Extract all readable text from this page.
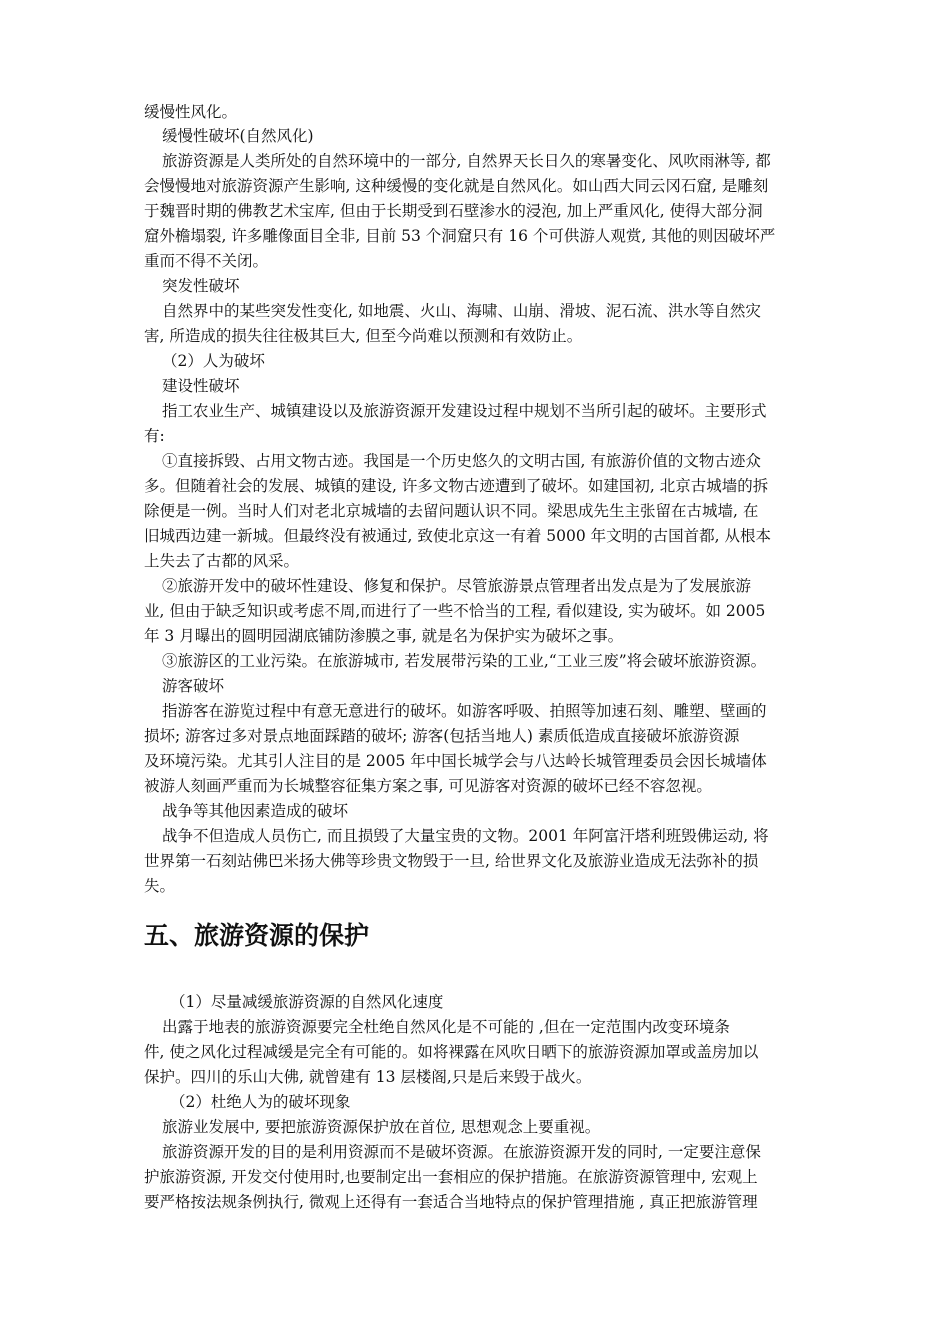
缓慢性风化。
缓慢性破坏(自然风化)
旅游资源是人类所处的自然环境中的一部分, 自然界天长日久的寒暑变化、风吹雨淋等, 都
会慢慢地对旅游资源产生影响, 这种缓慢的变化就是自然风化。如山西大同云冈石窟, 是雕刻
于魏晋时期的佛教艺术宝库, 但由于长期受到石壁渗水的浸泡, 加上严重风化, 使得大部分洞
窟外檐塌裂, 许多雕像面目全非, 目前 53 个洞窟只有 16 个可供游人观赏, 其他的则因破坏严
重而不得不关闭。
突发性破坏
自然界中的某些突发性变化, 如地震、火山、海啸、山崩、滑坡、泥石流、洪水等自然灾
害, 所造成的损失往往极其巨大, 但至今尚难以预测和有效防止。
（2）人为破坏
建设性破坏
指工农业生产、城镇建设以及旅游资源开发建设过程中规划不当所引起的破坏。主要形式
有:
①直接拆毁、占用文物古迹。我国是一个历史悠久的文明古国, 有旅游价值的文物古迹众
多。但随着社会的发展、城镇的建设, 许多文物古迹遭到了破坏。如建国初, 北京古城墙的拆
除便是一例。当时人们对老北京城墙的去留问题认识不同。梁思成先生主张留在古城墙, 在
旧城西边建一新城。但最终没有被通过, 致使北京这一有着 5000 年文明的古国首都, 从根本
上失去了古都的风采。
②旅游开发中的破坏性建设、修复和保护。尽管旅游景点管理者出发点是为了发展旅游
业, 但由于缺乏知识或考虑不周,而进行了一些不恰当的工程, 看似建设, 实为破坏。如 2005
年 3 月曝出的圆明园湖底铺防渗膜之事, 就是名为保护实为破坏之事。
③旅游区的工业污染。在旅游城市, 若发展带污染的工业,“工业三废”将会破坏旅游资源。
游客破坏
指游客在游览过程中有意无意进行的破坏。如游客呼吸、拍照等加速石刻、雕塑、壁画的
损坏; 游客过多对景点地面踩踏的破坏; 游客(包括当地人) 素质低造成直接破坏旅游资源
及环境污染。尤其引人注目的是 2005 年中国长城学会与八达岭长城管理委员会因长城墙体
被游人刻画严重而为长城整容征集方案之事, 可见游客对资源的破坏已经不容忽视。
战争等其他因素造成的破坏
战争不但造成人员伤亡, 而且损毁了大量宝贵的文物。2001 年阿富汗塔利班毁佛运动, 将
世界第一石刻站佛巴米扬大佛等珍贵文物毁于一旦, 给世界文化及旅游业造成无法弥补的损
失。
五、旅游资源的保护
（1）尽量减缓旅游资源的自然风化速度
出露于地表的旅游资源要完全杜绝自然风化是不可能的 ,但在一定范围内改变环境条
件, 使之风化过程减缓是完全有可能的。如将裸露在风吹日晒下的旅游资源加罩或盖房加以
保护。四川的乐山大佛, 就曾建有 13 层楼阁,只是后来毁于战火。
（2）杜绝人为的破坏现象
旅游业发展中, 要把旅游资源保护放在首位, 思想观念上要重视。
旅游资源开发的目的是利用资源而不是破坏资源。在旅游资源开发的同时, 一定要注意保
护旅游资源, 开发交付使用时,也要制定出一套相应的保护措施。在旅游资源管理中, 宏观上
要严格按法规条例执行, 微观上还得有一套适合当地特点的保护管理措施 , 真正把旅游管理
